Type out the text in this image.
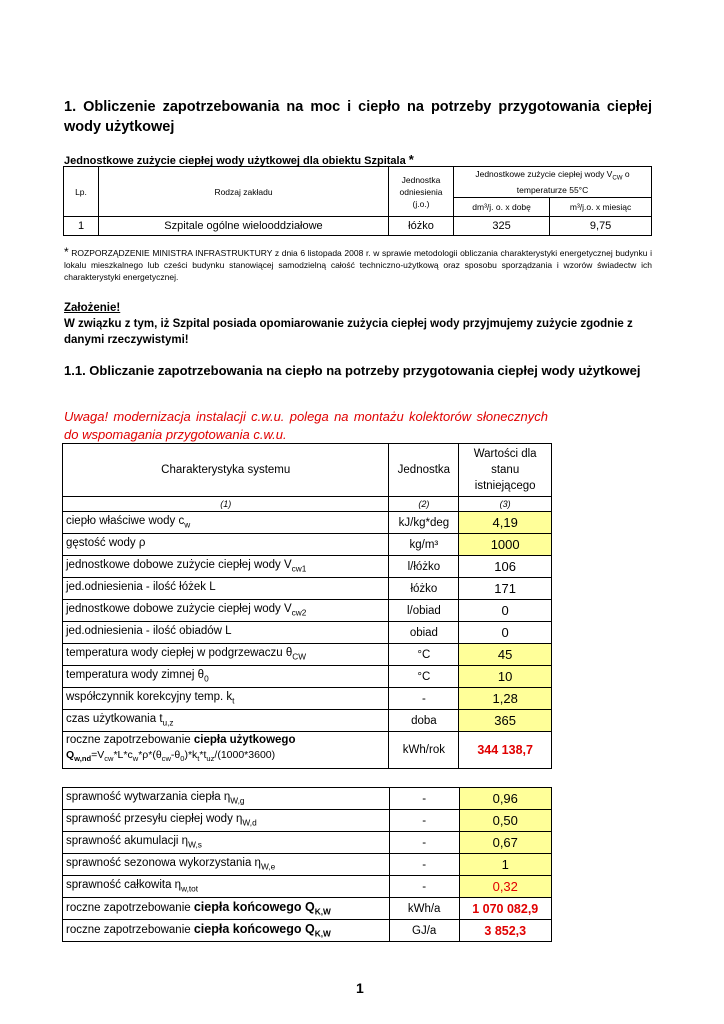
1. Obliczenie zapotrzebowania na moc i ciepło na potrzeby przygotowania ciepłej wody użytkowej
Jednostkowe zużycie ciepłej wody użytkowej dla obiektu Szpitala *
Lp.	Rodzaj zakładu	Jednostka odniesienia (j.o.)	Jednostkowe zużycie ciepłej wody $V_{CW}$ o temperaturze 55°C	
			dm³/j. o. x dobę	m³/j.o. x miesiąc
1	Szpitale ogólne wielooddziałowe	łóżko	325	9,75
* ROZPORZĄDZENIE MINISTRA INFRASTRUKTURY z dnia 6 listopada 2008 r. w sprawie metodologii obliczania charakterystyki energetycznej budynku i lokalu mieszkalnego lub cześci budynku stanowiącej samodzielną całość techniczno-użytkową oraz sposobu sporządzania i wzorów świadectw ich charakterystyki energetycznej.
Założenie!
W związku z tym, iż Szpital posiada opomiarowanie zużycia ciepłej wody przyjmujemy zużycie zgodnie z danymi rzeczywistymi!
1.1. Obliczanie zapotrzebowania na ciepło na potrzeby przygotowania ciepłej wody użytkowej
Uwaga! modernizacja instalacji c.w.u. polega na montażu kolektorów słonecznych do wspomagania przygotowania c.w.u.
Charakterystyka systemu	Jednostka	Wartości dla stanu istniejącego
(1)	(2)	(3)
ciepło właściwe wody $c_w$	kJ/kg*deg	4,19
gęstość wody ρ	kg/m³	1000
jednostkowe dobowe zużycie ciepłej wody $V_{cw1}$	l/łóżko	106
jed.odniesienia - ilość łóżek L	łóżko	171
jednostkowe dobowe zużycie ciepłej wody $V_{cw2}$	l/obiad	0
jed.odniesienia - ilość obiadów L	obiad	0
temperatura wody ciepłej w podgrzewaczu $\theta_{CW}$	°C	45
temperatura wody zimnej $\theta_0$	°C	10
współczynnik korekcyjny temp. $k_t$	-	1,28
czas użytkowania $t_{u,z}$	doba	365
roczne zapotrzebowanie ciepła użytkowego
$Q_{w,nd}=V_{cw}*L*c_w*\rho*(\theta_{cw}-\theta_0)*k_t*t_{uz}/(1000*3600)$	kWh/rok	344 138,7
sprawność wytwarzania ciepła $\eta_{W,g}$	-	0,96
sprawność przesyłu ciepłej wody $\eta_{W,d}$	-	0,50
sprawność akumulacji $\eta_{W,s}$	-	0,67
sprawność sezonowa wykorzystania $\eta_{W,e}$	-	1
sprawność całkowita $\eta_{w,tot}$	-	0,32
roczne zapotrzebowanie ciepła końcowego $Q_{K,W}$	kWh/a	1 070 082,9
roczne zapotrzebowanie ciepła końcowego $Q_{K,W}$	GJ/a	3 852,3
1
